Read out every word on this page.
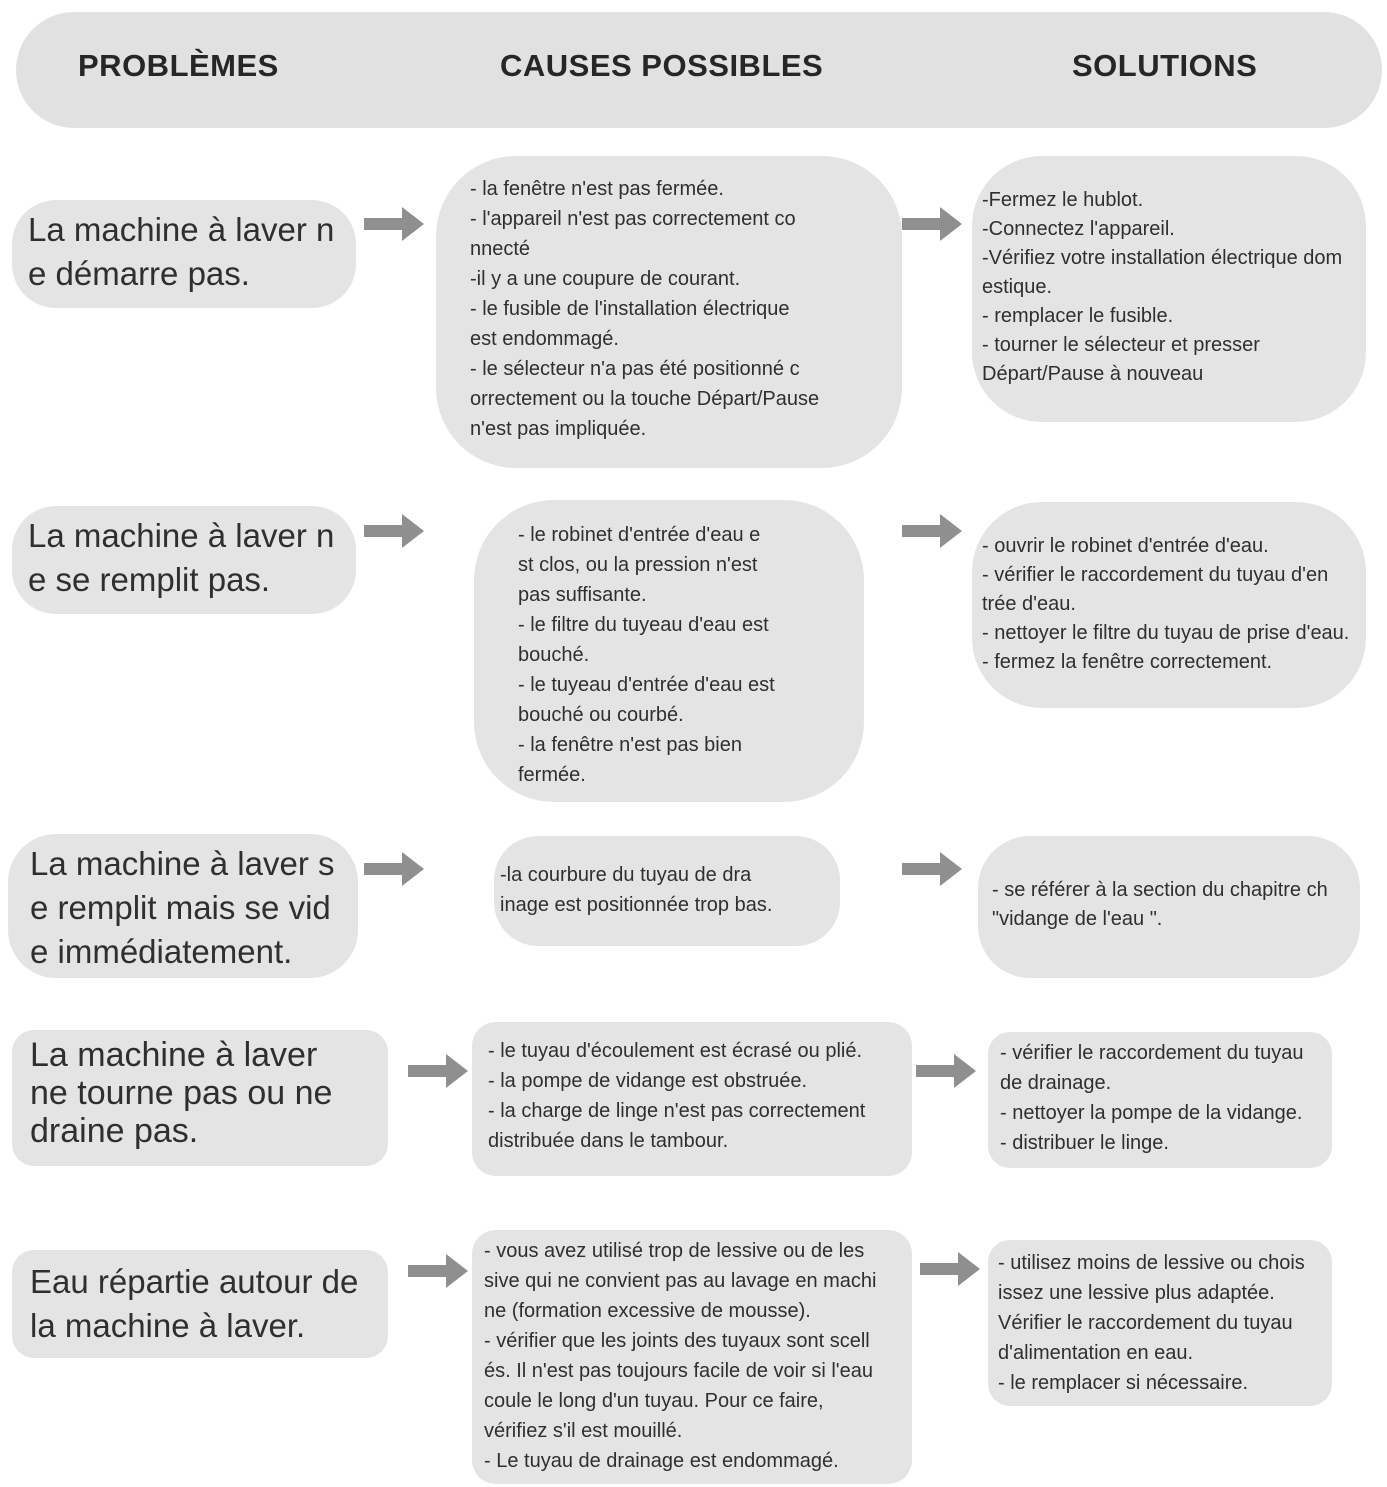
PROBLÈMES	CAUSES POSSIBLES	SOLUTIONS
La machine à laver n
e démarre pas.
- la fenêtre n'est pas fermée.
- l'appareil n'est pas correctement co
nnecté
-il y a une coupure de courant.
- le fusible de l'installation électrique
est endommagé.
- le sélecteur n'a pas été positionné c
orrectement ou la touche Départ/Pause
n'est pas impliquée.
-Fermez le hublot.
-Connectez l'appareil.
-Vérifiez votre installation électrique dom
estique.
- remplacer le fusible.
- tourner le sélecteur et presser
Départ/Pause à nouveau
La machine à laver n
e se remplit pas.
- le robinet d'entrée d'eau e
st clos, ou la pression n'est
pas suffisante.
- le filtre du tuyeau d'eau est
bouché.
- le tuyeau d'entrée d'eau est
bouché ou courbé.
- la fenêtre n'est pas bien
fermée.
- ouvrir le robinet d'entrée d'eau.
- vérifier le raccordement du tuyau d'en
trée d'eau.
- nettoyer le filtre du tuyau de prise d'eau.
- fermez la fenêtre correctement.
La machine à laver s
e remplit mais se vid
e immédiatement.
-la courbure du tuyau de dra
inage est positionnée trop bas.
- se référer à la section du chapitre ch
"vidange de l'eau ".
La machine à laver
ne tourne pas ou ne
draine pas.
- le tuyau d'écoulement est écrasé ou plié.
- la pompe de vidange est obstruée.
- la charge de linge n'est pas correctement
distribuée dans le tambour.
- vérifier le raccordement du tuyau
de drainage.
- nettoyer la pompe de la vidange.
- distribuer le linge.
Eau répartie autour de
la machine à laver.
- vous avez utilisé trop de lessive ou de les
sive qui ne convient pas au lavage en machi
ne (formation excessive de mousse).
- vérifier que les joints des tuyaux sont scell
és. Il n'est pas toujours facile de voir si l'eau
coule le long d'un tuyau. Pour ce faire,
vérifiez s'il est mouillé.
- Le tuyau de drainage est endommagé.
- utilisez moins de lessive ou chois
issez une lessive plus adaptée.
Vérifier le raccordement du tuyau
d'alimentation en eau.
- le remplacer si nécessaire.
